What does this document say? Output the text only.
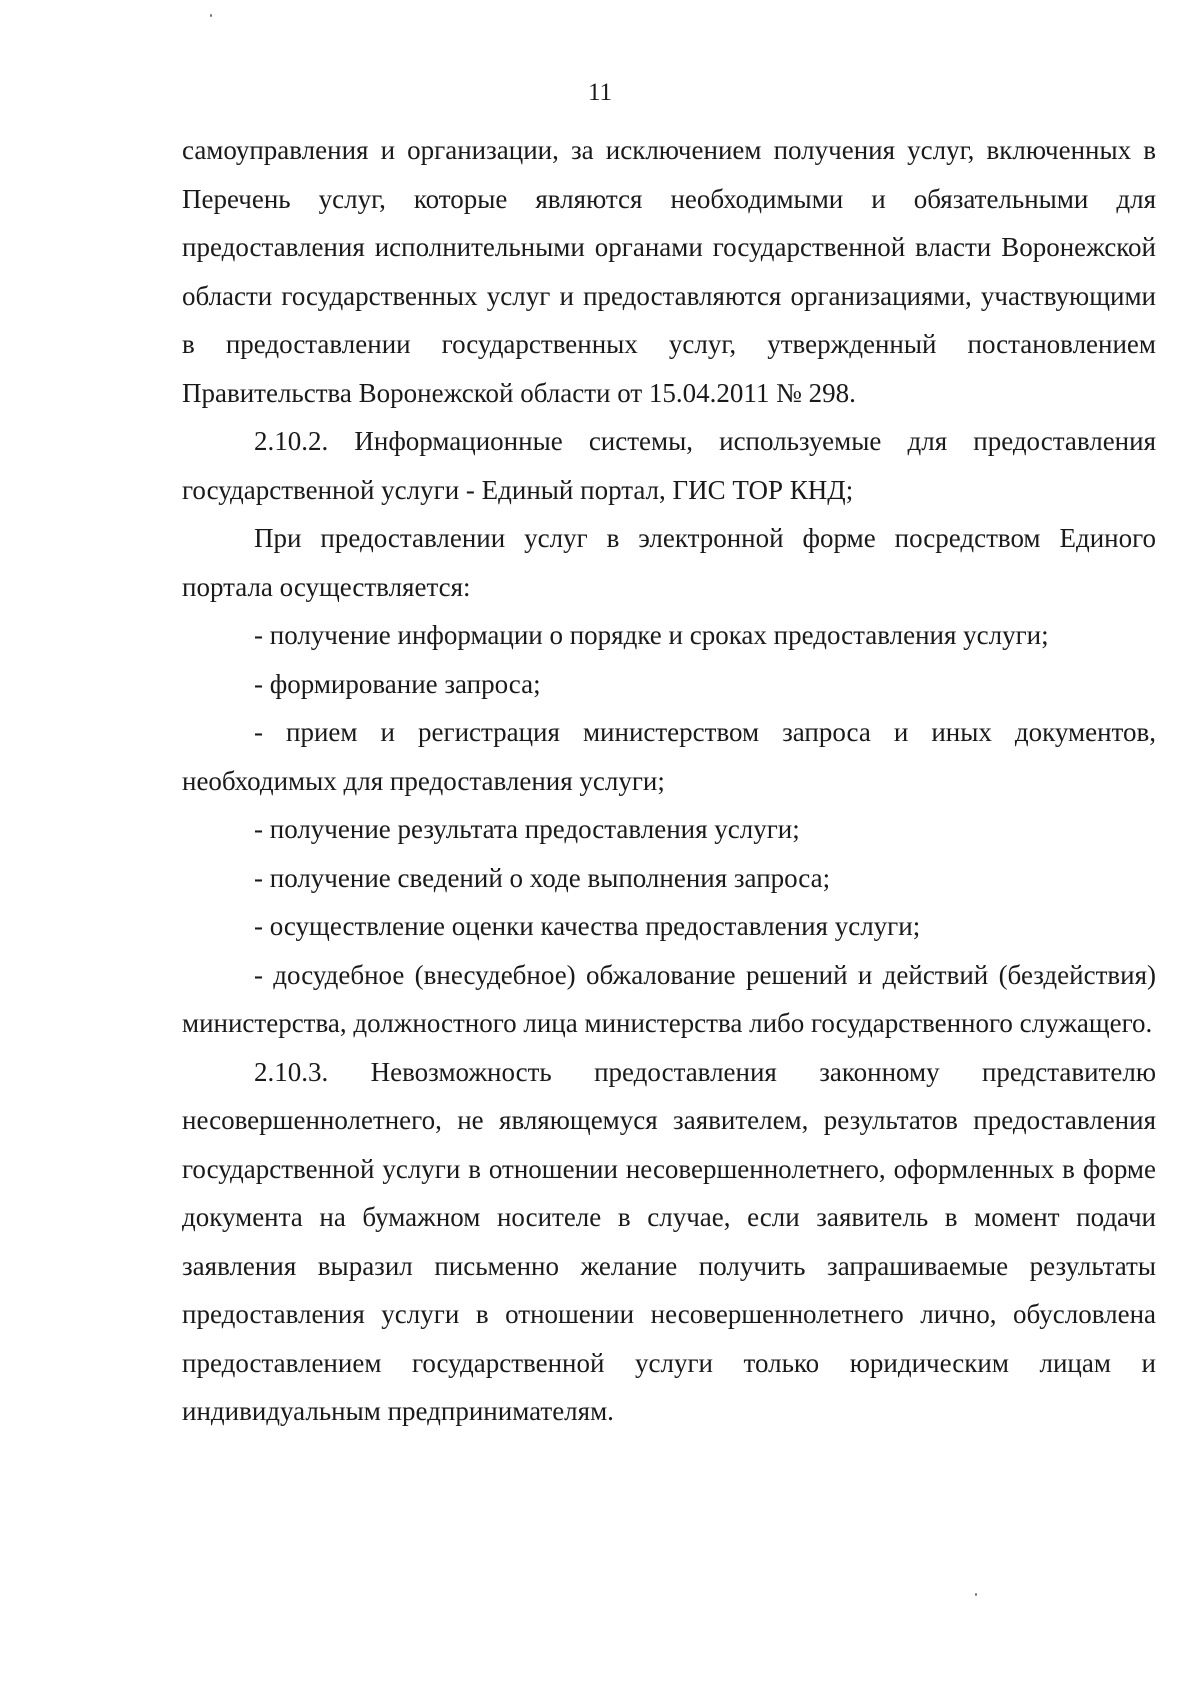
11

самоуправления и организации, за исключением получения услуг, включенных в Перечень услуг, которые являются необходимыми и обязательными для предоставления исполнительными органами государственной власти Воронежской области государственных услуг и предоставляются организациями, участвующими в предоставлении государственных услуг, утвержденный постановлением Правительства Воронежской области от 15.04.2011 № 298.

2.10.2. Информационные системы, используемые для предоставления государственной услуги - Единый портал, ГИС ТОР КНД;

При предоставлении услуг в электронной форме посредством Единого портала осуществляется:

- получение информации о порядке и сроках предоставления услуги;

- формирование запроса;

- прием и регистрация министерством запроса и иных документов, необходимых для предоставления услуги;

- получение результата предоставления услуги;

- получение сведений о ходе выполнения запроса;

- осуществление оценки качества предоставления услуги;

- досудебное (внесудебное) обжалование решений и действий (бездействия) министерства, должностного лица министерства либо государственного служащего.

2.10.3. Невозможность предоставления законному представителю несовершеннолетнего, не являющемуся заявителем, результатов предоставления государственной услуги в отношении несовершеннолетнего, оформленных в форме документа на бумажном носителе в случае, если заявитель в момент подачи заявления выразил письменно желание получить запрашиваемые результаты предоставления услуги в отношении несовершеннолетнего лично, обусловлена предоставлением государственной услуги только юридическим лицам и индивидуальным предпринимателям.
